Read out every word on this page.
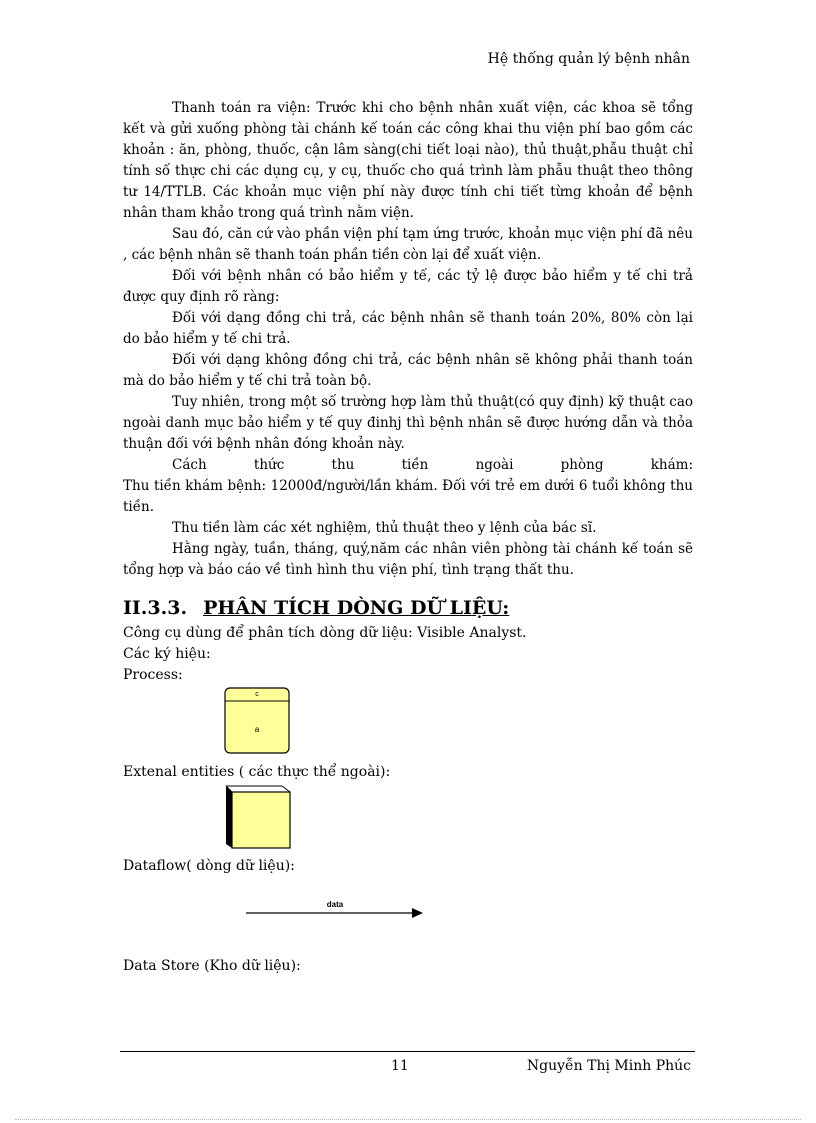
Hệ thống quản lý bệnh nhân

Thanh toán ra viện: Trước khi cho bệnh nhân xuất viện, các khoa sẽ tổng kết và gửi xuống phòng tài chánh kế toán các công khai thu viện phí bao gồm các khoản : ăn, phòng, thuốc, cận lâm sàng(chi tiết loại nào), thủ thuật,phẫu thuật chỉ tính số thực chi các dụng cụ, y cụ, thuốc cho quá trình làm phẫu thuật theo thông tư 14/TTLB. Các khoản mục viện phí này được tính chi tiết từng khoản để bệnh nhân tham khảo trong quá trình nằm viện.

Sau đó, căn cứ vào phần viện phí tạm ứng trước, khoản mục viện phí đã nêu , các bệnh nhân sẽ thanh toán phần tiền còn lại để xuất viện.

Đối với bệnh nhân có bảo hiểm y tế, các tỷ lệ được bảo hiểm y tế chi trả được quy định rõ ràng:

Đối với dạng đồng chi trả, các bệnh nhân sẽ thanh toán 20%, 80% còn lại do bảo hiểm y tế chi trả.

Đối với dạng không đồng chi trả, các bệnh nhân sẽ không phải thanh toán mà do bảo hiểm y tế chi trả toàn bộ.

Tuy nhiên, trong một số trường hợp làm thủ thuật(có quy định) kỹ thuật cao ngoài danh mục bảo hiểm y tế quy đinhj thì bệnh nhân sẽ được hướng dẫn và thỏa thuận đối với bệnh nhân đóng khoản này.

Cách thức thu tiền ngoài phòng khám:

Thu tiền khám bệnh: 12000đ/người/lần khám. Đối với trẻ em dưới 6 tuổi không thu tiền.

Thu tiền làm các xét nghiệm, thủ thuật theo y lệnh của bác sĩ.

Hằng ngày, tuần, tháng, quý,năm các nhân viên phòng tài chánh kế toán sẽ tổng hợp và báo cáo về tình hình thu viện phí, tình trạng thất thu.

II.3.3. PHÂN TÍCH DÒNG DỮ LIỆU:
Công cụ dùng để phân tích dòng dữ liệu: Visible Analyst.
Các ký hiệu:
Process:
c
a
Extenal entities ( các thực thể ngoài):
Dataflow( dòng dữ liệu):
data
Data Store (Kho dữ liệu):
11	Nguyễn Thị Minh Phúc
